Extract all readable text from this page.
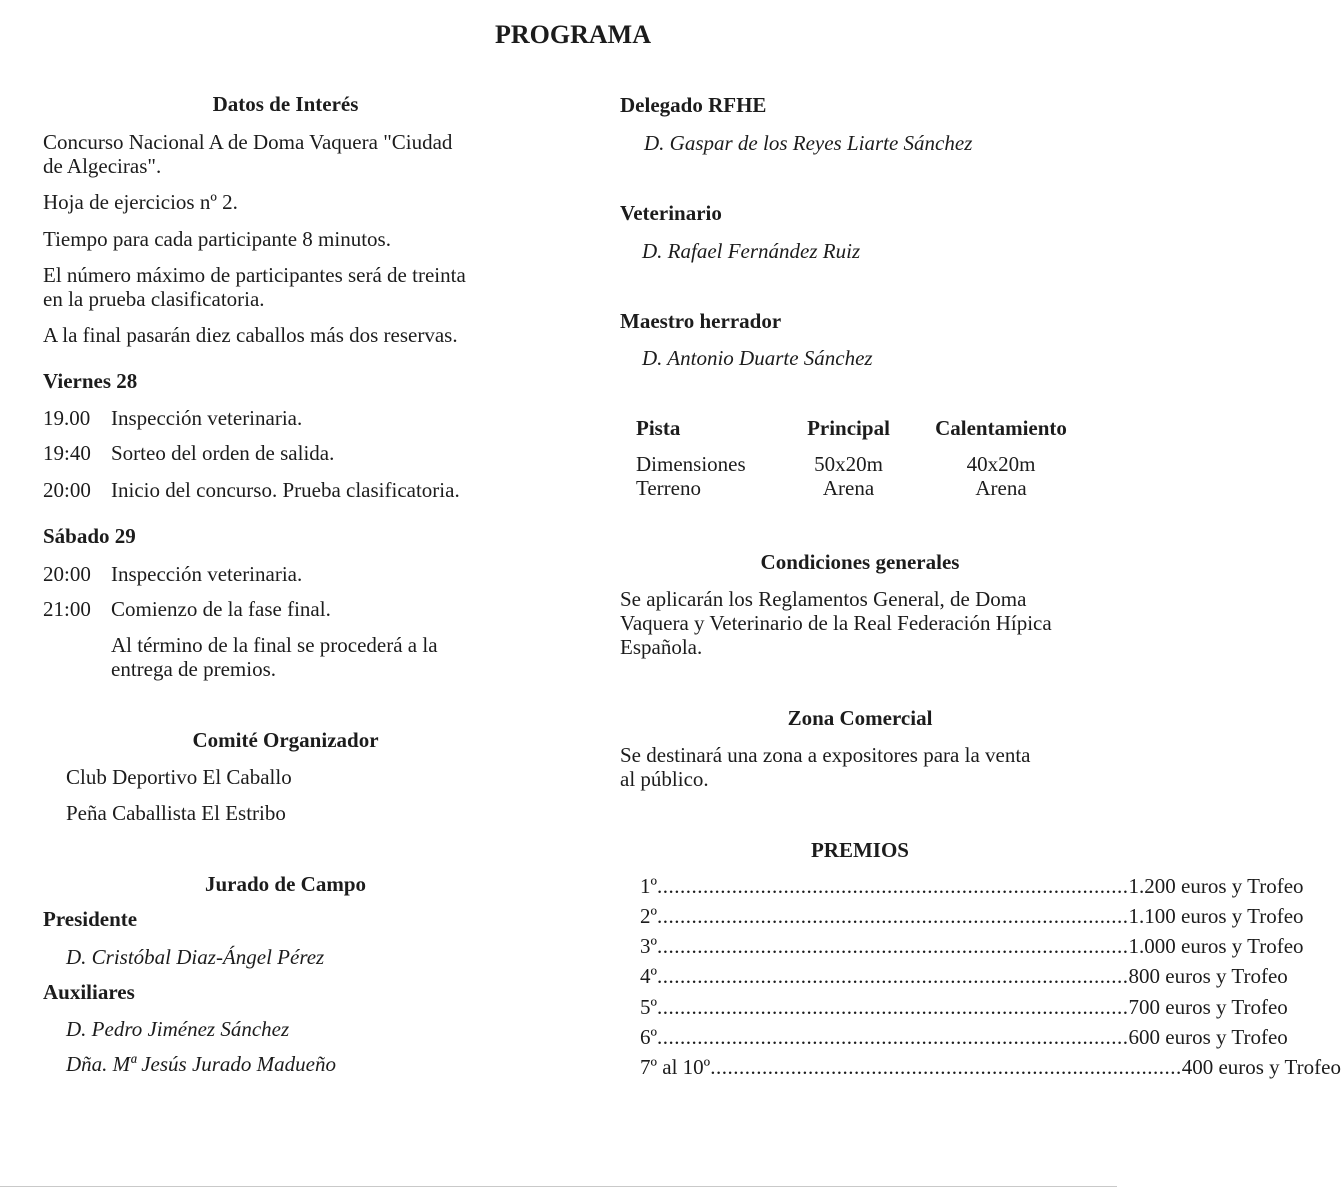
PROGRAMA
Datos de Interés
Concurso Nacional A de Doma Vaquera "Ciudad
de Algeciras".
Hoja de ejercicios nº 2.
Tiempo para cada participante 8 minutos.
El número máximo de participantes será de treinta
en la prueba clasificatoria.
A la final pasarán diez caballos más dos reservas.
Viernes 28
19.00 Inspección veterinaria.
19:40 Sorteo del orden de salida.
20:00 Inicio del concurso. Prueba clasificatoria.
Sábado 29
20:00 Inspección veterinaria.
21:00 Comienzo de la fase final.
Al término de la final se procederá a la
entrega de premios.
Comité Organizador
Club Deportivo El Caballo
Peña Caballista El Estribo
Jurado de Campo
Presidente
D. Cristóbal Diaz-Ángel Pérez
Auxiliares
D. Pedro Jiménez Sánchez
Dña. Mª Jesús Jurado Madueño
Delegado RFHE
D. Gaspar de los Reyes Liarte Sánchez
Veterinario
D. Rafael Fernández Ruiz
Maestro herrador
D. Antonio Duarte Sánchez
Pista	Principal	Calentamiento
Dimensiones	50x20m	40x20m
Terreno	Arena	Arena
Condiciones generales
Se aplicarán los Reglamentos General, de Doma
Vaquera y Veterinario de la Real Federación Hípica
Española.
Zona Comercial
Se destinará una zona a expositores para la venta
al público.
PREMIOS
1º .................................................................................. 1.200 euros y Trofeo
2º .................................................................................. 1.100 euros y Trofeo
3º .................................................................................. 1.000 euros y Trofeo
4º .................................................................................. 800 euros y Trofeo
5º .................................................................................. 700 euros y Trofeo
6º .................................................................................. 600 euros y Trofeo
7º al 10º .................................................................................. 400 euros y Trofeo
